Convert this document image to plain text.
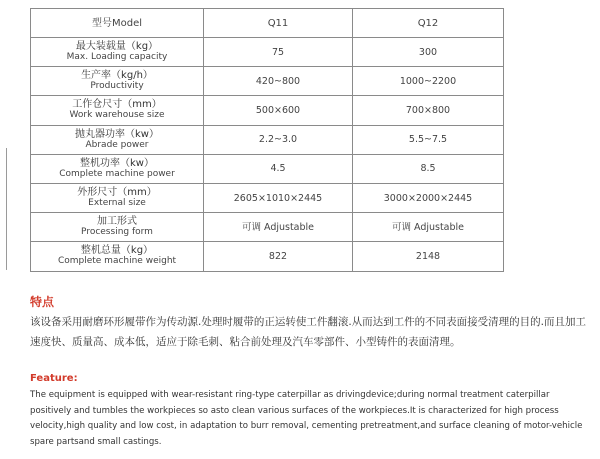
型号Model	Q11	Q12

最大装载量（kg）
Max. Loading capacity	75	300

生产率（kg/h）
Productivity	420~800	1000~2200

工作仓尺寸（mm）
Work warehouse size	500×600	700×800

抛丸器功率（kw）
Abrade power	2.2~3.0	5.5~7.5

整机功率（kw）
Complete machine power	4.5	8.5

外形尺寸（mm）
External size	2605×1010×2445	3000×2000×2445

加工形式
Processing form	可调 Adjustable	可调 Adjustable

整机总量（kg）
Complete machine weight	822	2148
特点
该设备采用耐磨环形履带作为传动源.处理时履带的正运转使工件翻滚.从而达到工件的不同表面接受清理的目的.而且加工速度快、质量高、成本低，适应于除毛刺、粘合前处理及汽车零部件、小型铸件的表面清理。
Feature:
The equipment is equipped with wear-resistant ring-type caterpillar as drivingdevice;during normal treatment caterpillar positively and tumbles the workpieces so asto clean various surfaces of the workpieces.It is characterized for high process velocity,high quality and low cost, in adaptation to burr removal, cementing pretreatment,and surface cleaning of motor-vehicle spare partsand small castings.
